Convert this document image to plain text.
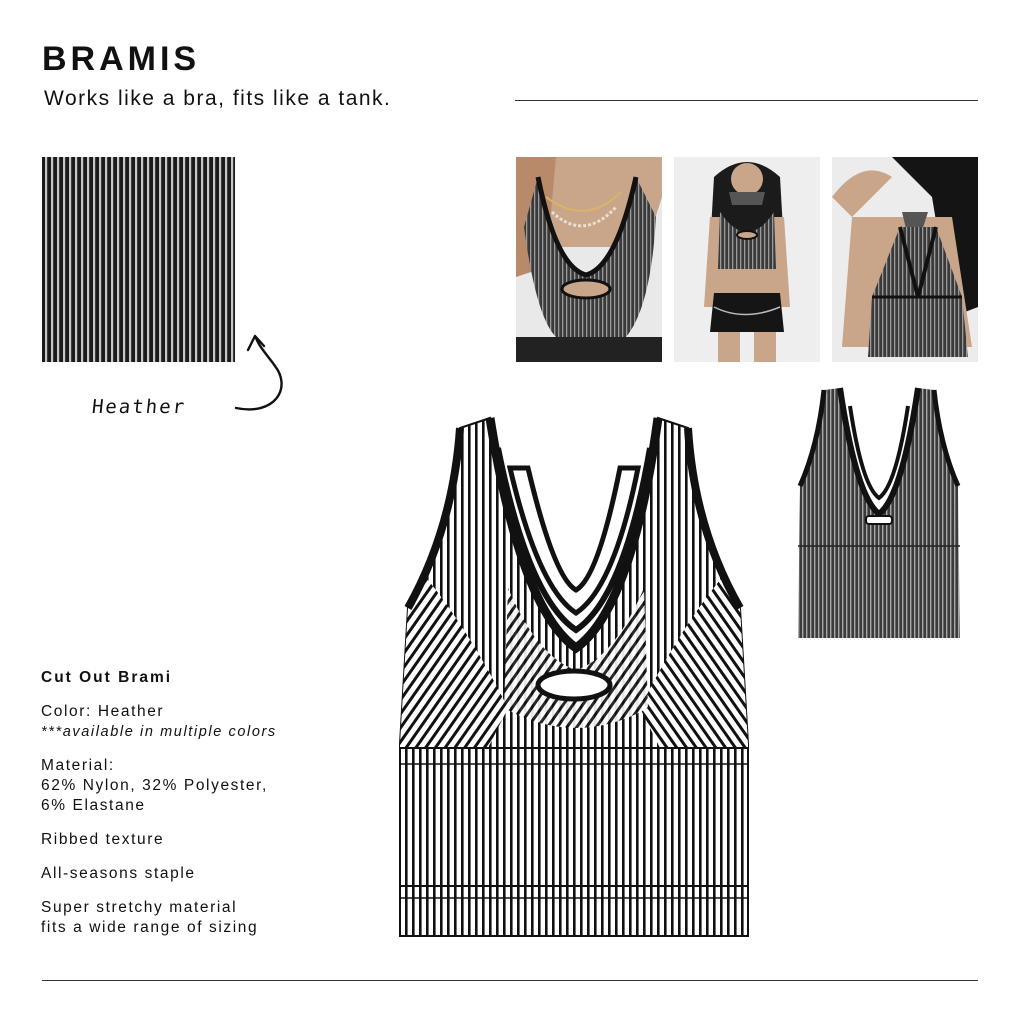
BRAMIS
Works like a bra, fits like a tank.
Heather
Cut Out Brami
Color: Heather
***available in multiple colors
Material:
62% Nylon, 32% Polyester,
6% Elastane
Ribbed texture
All-seasons staple
Super stretchy material
fits a wide range of sizing
